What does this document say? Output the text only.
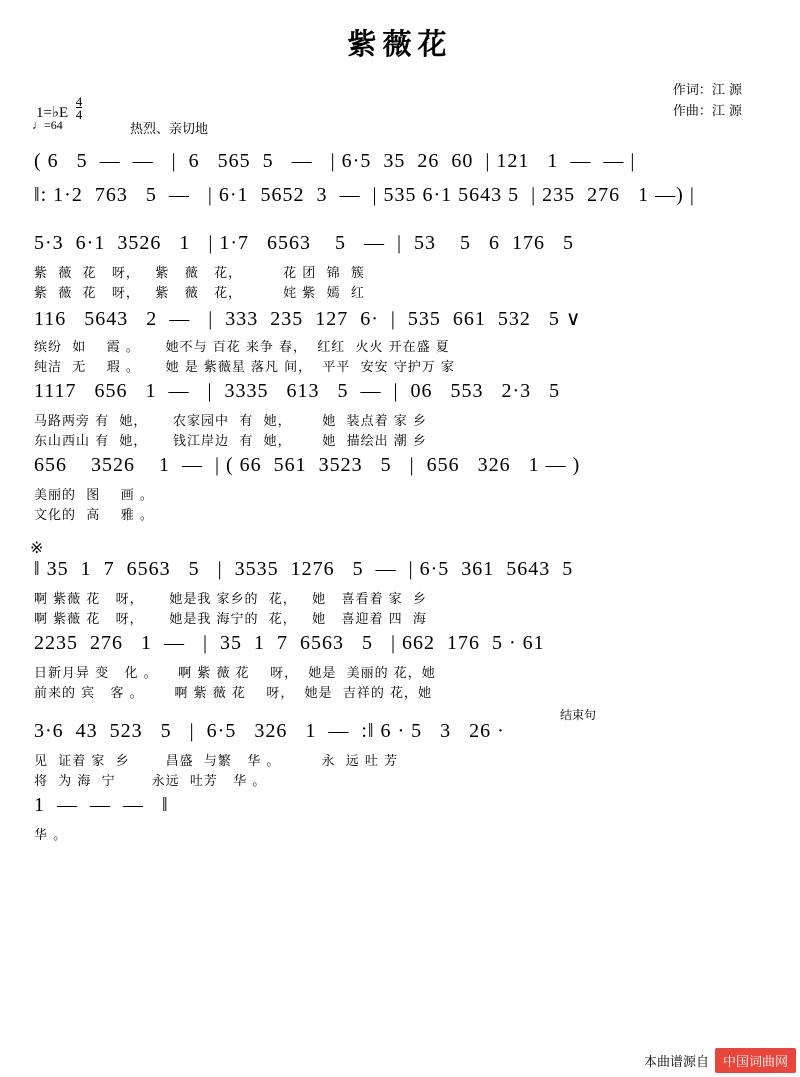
紫薇花
作词：江 源
作曲：江 源
1=♭E $\frac{4}{4}$
♩=64	热烈、亲切地
( 6   5  —  —   |  6   565  5   —   | 6·5  35  26  60  | 121   1  —  — |
‖: 1·2  763   5  —   | 6·1  5652  3  —  | 535 6·1 5643 5  | 235  276   1 —) |
5·3  6·1  3526   1   | 1·7   6563    5   —  |  53    5   6  176   5
紫  薇  花   呀，   紫   薇   花，        花 团  锦  簇
紫  薇  花   呀，   紫   薇   花，        姹 紫  嫣  红
116   5643   2  —   |  333  235  127  6·  |  535  661  532   5 ∨
缤纷  如    霞 。     她不与 百花 来争 春，  红红  火火 开在盛 夏
纯洁  无    瑕 。     她 是 紫薇星 落凡 间，  平平  安安 守护万 家
1117   656   1  —   |  3335   613   5  —  |  06   553   2·3   5
马路两旁 有  她，     农家园中  有  她，      她  装点着 家 乡
东山西山 有  她，     钱江岸边  有  她，      她  描绘出 潮 乡
656    3526    1  —  | ( 66  561  3523   5   |  656   326   1 — )
美丽的  图    画 。
文化的  高    雅 。
※
‖ 35  1  7  6563   5   |  3535  1276   5  —  | 6·5  361  5643  5
啊 紫薇 花   呀，     她是我 家乡的  花，   她   喜看着 家  乡
啊 紫薇 花   呀，     她是我 海宁的  花，   她   喜迎着 四  海
2235  276   1  —   |  35  1  7  6563   5   | 662  176  5 · 61
日新月异 变   化 。    啊 紫 薇 花    呀，  她是  美丽的 花，她
前来的 宾   客 。      啊 紫 薇 花    呀，  她是  吉祥的 花，她
结束句
3·6  43  523   5   |  6·5   326   1  —  :‖ 6 · 5   3   26 ·
见  证着 家  乡       昌盛  与繁   华 。        永  远 吐 芳
将  为 海  宁       永远  吐芳   华 。
1  —  —  —   ‖
华 。
本曲谱源自	中国词曲网
